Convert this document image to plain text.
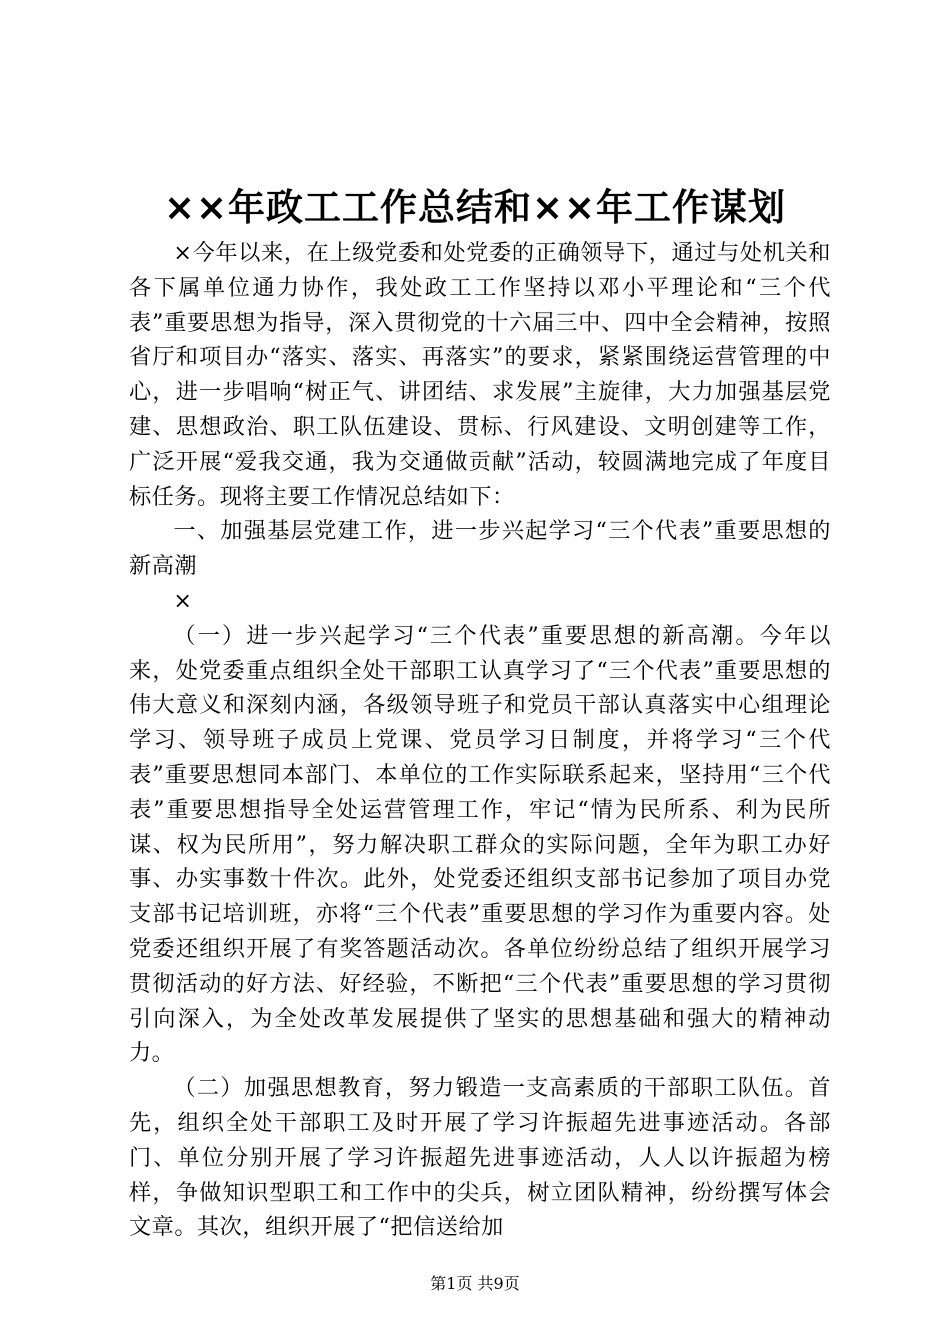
××年政工工作总结和××年工作谋划

×今年以来，在上级党委和处党委的正确领导下，通过与处机关和各下属单位通力协作，我处政工工作坚持以邓小平理论和“三个代表”重要思想为指导，深入贯彻党的十六届三中、四中全会精神，按照省厅和项目办“落实、落实、再落实”的要求，紧紧围绕运营管理的中心，进一步唱响“树正气、讲团结、求发展”主旋律，大力加强基层党建、思想政治、职工队伍建设、贯标、行风建设、文明创建等工作，广泛开展“爱我交通，我为交通做贡献”活动，较圆满地完成了年度目标任务。现将主要工作情况总结如下：

一、加强基层党建工作，进一步兴起学习“三个代表”重要思想的新高潮

×

（一）进一步兴起学习“三个代表”重要思想的新高潮。今年以来，处党委重点组织全处干部职工认真学习了“三个代表”重要思想的伟大意义和深刻内涵，各级领导班子和党员干部认真落实中心组理论学习、领导班子成员上党课、党员学习日制度，并将学习“三个代表”重要思想同本部门、本单位的工作实际联系起来，坚持用“三个代表”重要思想指导全处运营管理工作，牢记“情为民所系、利为民所谋、权为民所用”，努力解决职工群众的实际问题，全年为职工办好事、办实事数十件次。此外，处党委还组织支部书记参加了项目办党支部书记培训班，亦将“三个代表”重要思想的学习作为重要内容。处党委还组织开展了有奖答题活动次。各单位纷纷总结了组织开展学习贯彻活动的好方法、好经验，不断把“三个代表”重要思想的学习贯彻引向深入，为全处改革发展提供了坚实的思想基础和强大的精神动力。

（二）加强思想教育，努力锻造一支高素质的干部职工队伍。首先，组织全处干部职工及时开展了学习许振超先进事迹活动。各部门、单位分别开展了学习许振超先进事迹活动，人人以许振超为榜样，争做知识型职工和工作中的尖兵，树立团队精神，纷纷撰写体会文章。其次，组织开展了“把信送给加

第1页 共9页
